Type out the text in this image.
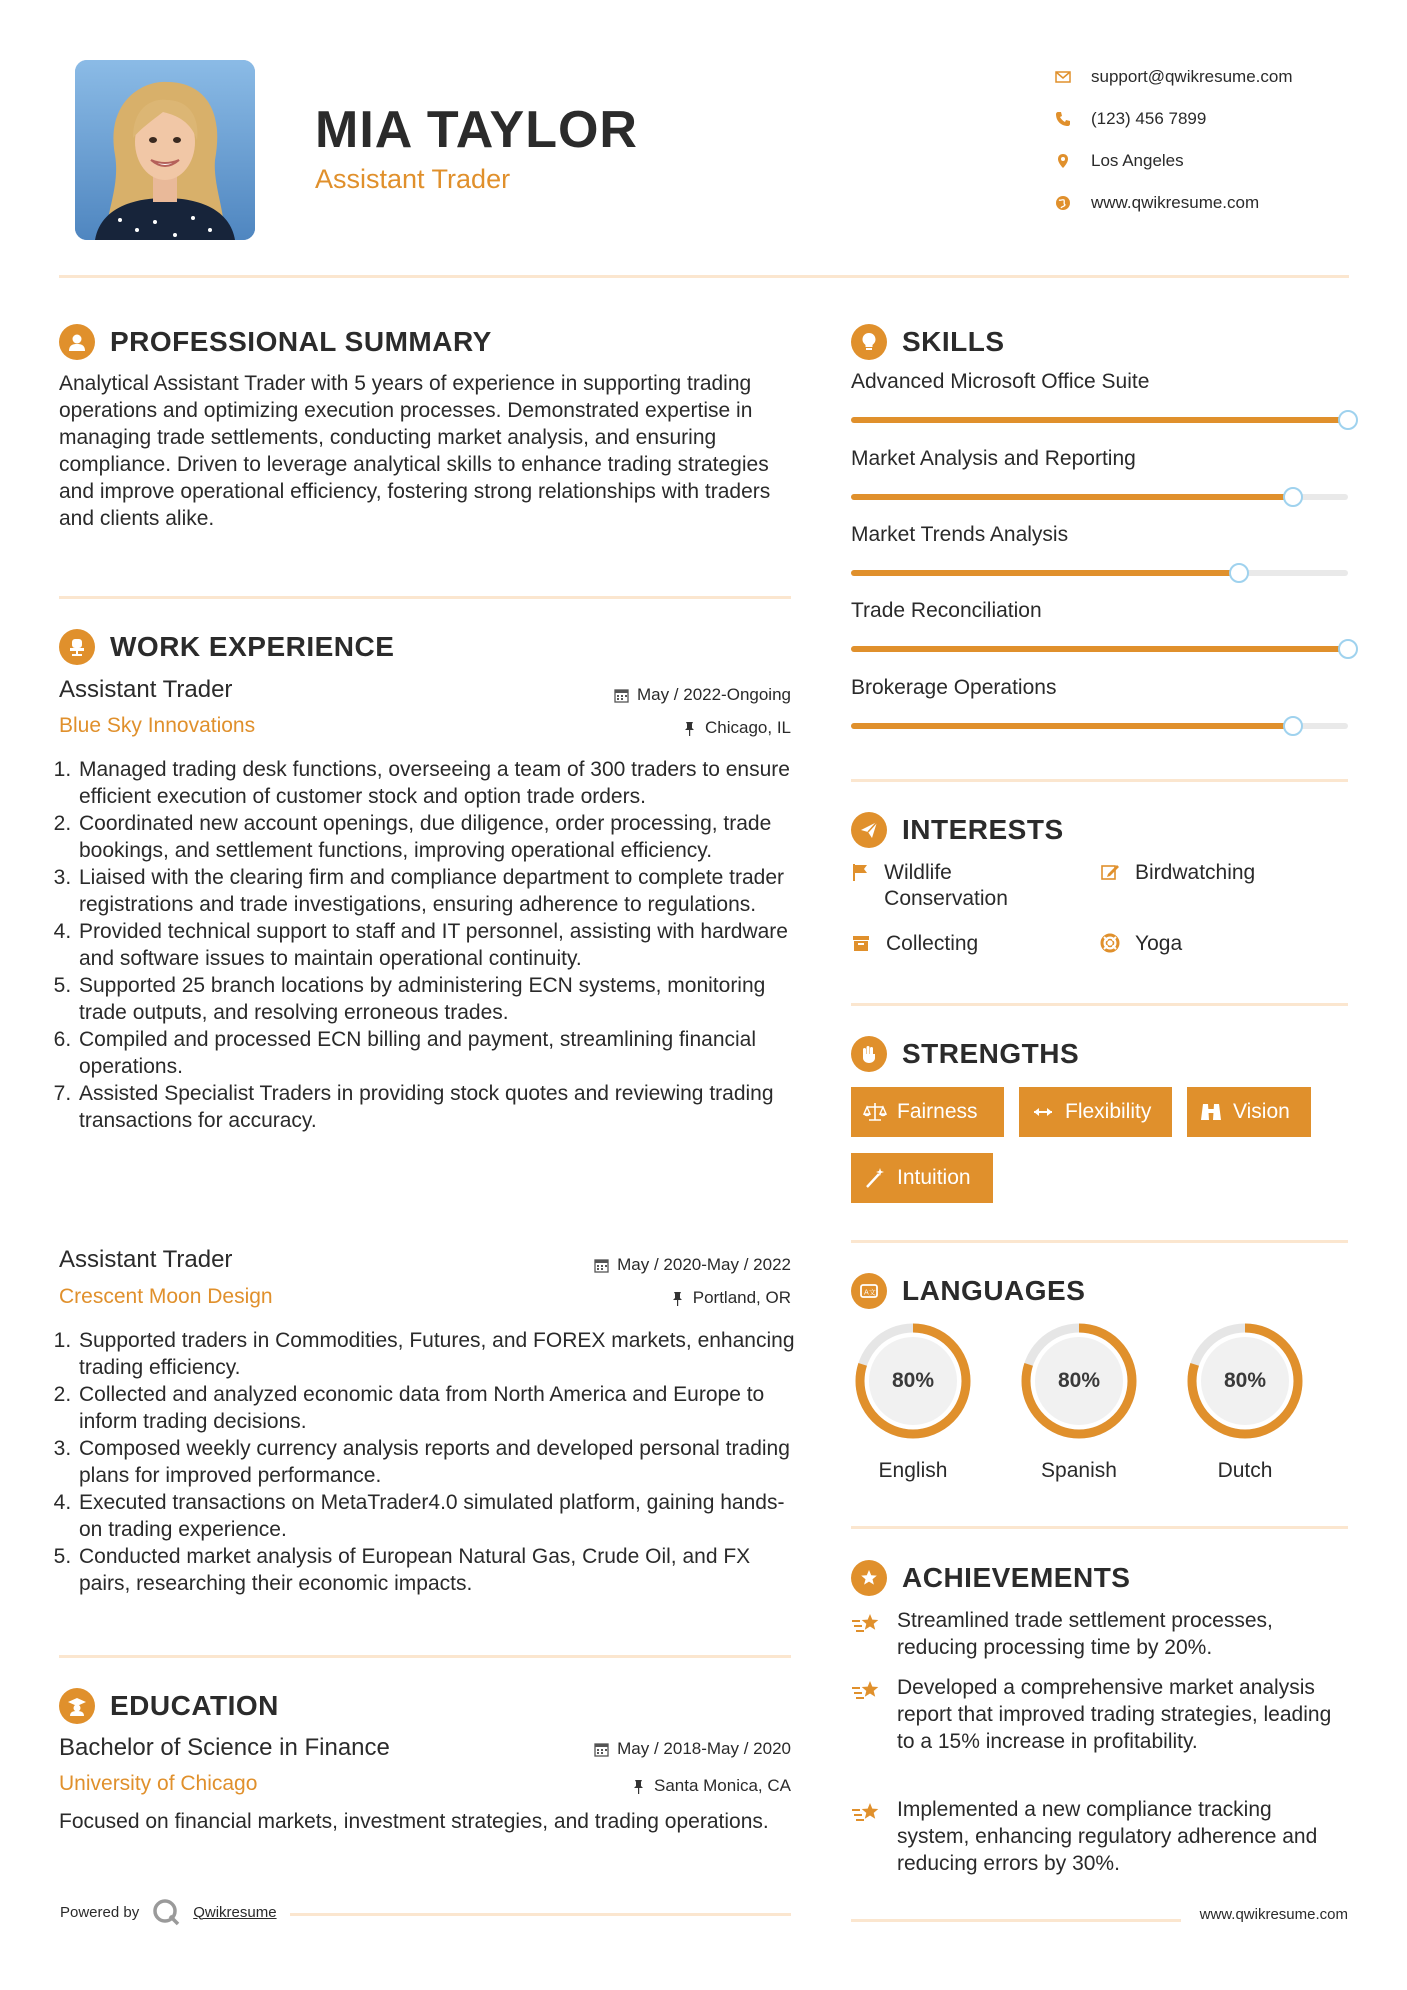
MIA TAYLOR
Assistant Trader
support@qwikresume.com
(123) 456 7899
Los Angeles
www.qwikresume.com
PROFESSIONAL SUMMARY
Analytical Assistant Trader with 5 years of experience in supporting trading operations and optimizing execution processes. Demonstrated expertise in managing trade settlements, conducting market analysis, and ensuring compliance. Driven to leverage analytical skills to enhance trading strategies and improve operational efficiency, fostering strong relationships with traders and clients alike.
WORK EXPERIENCE
Assistant Trader	May / 2022-Ongoing
Blue Sky Innovations	Chicago, IL
1. Managed trading desk functions, overseeing a team of 300 traders to ensure efficient execution of customer stock and option trade orders.
2. Coordinated new account openings, due diligence, order processing, trade bookings, and settlement functions, improving operational efficiency.
3. Liaised with the clearing firm and compliance department to complete trader registrations and trade investigations, ensuring adherence to regulations.
4. Provided technical support to staff and IT personnel, assisting with hardware and software issues to maintain operational continuity.
5. Supported 25 branch locations by administering ECN systems, monitoring trade outputs, and resolving erroneous trades.
6. Compiled and processed ECN billing and payment, streamlining financial operations.
7. Assisted Specialist Traders in providing stock quotes and reviewing trading transactions for accuracy.
Assistant Trader	May / 2020-May / 2022
Crescent Moon Design	Portland, OR
1. Supported traders in Commodities, Futures, and FOREX markets, enhancing trading efficiency.
2. Collected and analyzed economic data from North America and Europe to inform trading decisions.
3. Composed weekly currency analysis reports and developed personal trading plans for improved performance.
4. Executed transactions on MetaTrader4.0 simulated platform, gaining hands-on trading experience.
5. Conducted market analysis of European Natural Gas, Crude Oil, and FX pairs, researching their economic impacts.
EDUCATION
Bachelor of Science in Finance	May / 2018-May / 2020
University of Chicago	Santa Monica, CA
Focused on financial markets, investment strategies, and trading operations.
SKILLS
Advanced Microsoft Office Suite
Market Analysis and Reporting
Market Trends Analysis
Trade Reconciliation
Brokerage Operations
INTERESTS
Wildlife Conservation
Birdwatching
Collecting	Yoga
STRENGTHS
Fairness	Flexibility	Vision
Intuition
A文 LANGUAGES
80%
English
80%
Spanish
80%
Dutch
ACHIEVEMENTS
Streamlined trade settlement processes, reducing processing time by 20%.
Developed a comprehensive market analysis report that improved trading strategies, leading to a 15% increase in profitability.
Implemented a new compliance tracking system, enhancing regulatory adherence and reducing errors by 30%.
Powered by	Qwikresume	www.qwikresume.com
